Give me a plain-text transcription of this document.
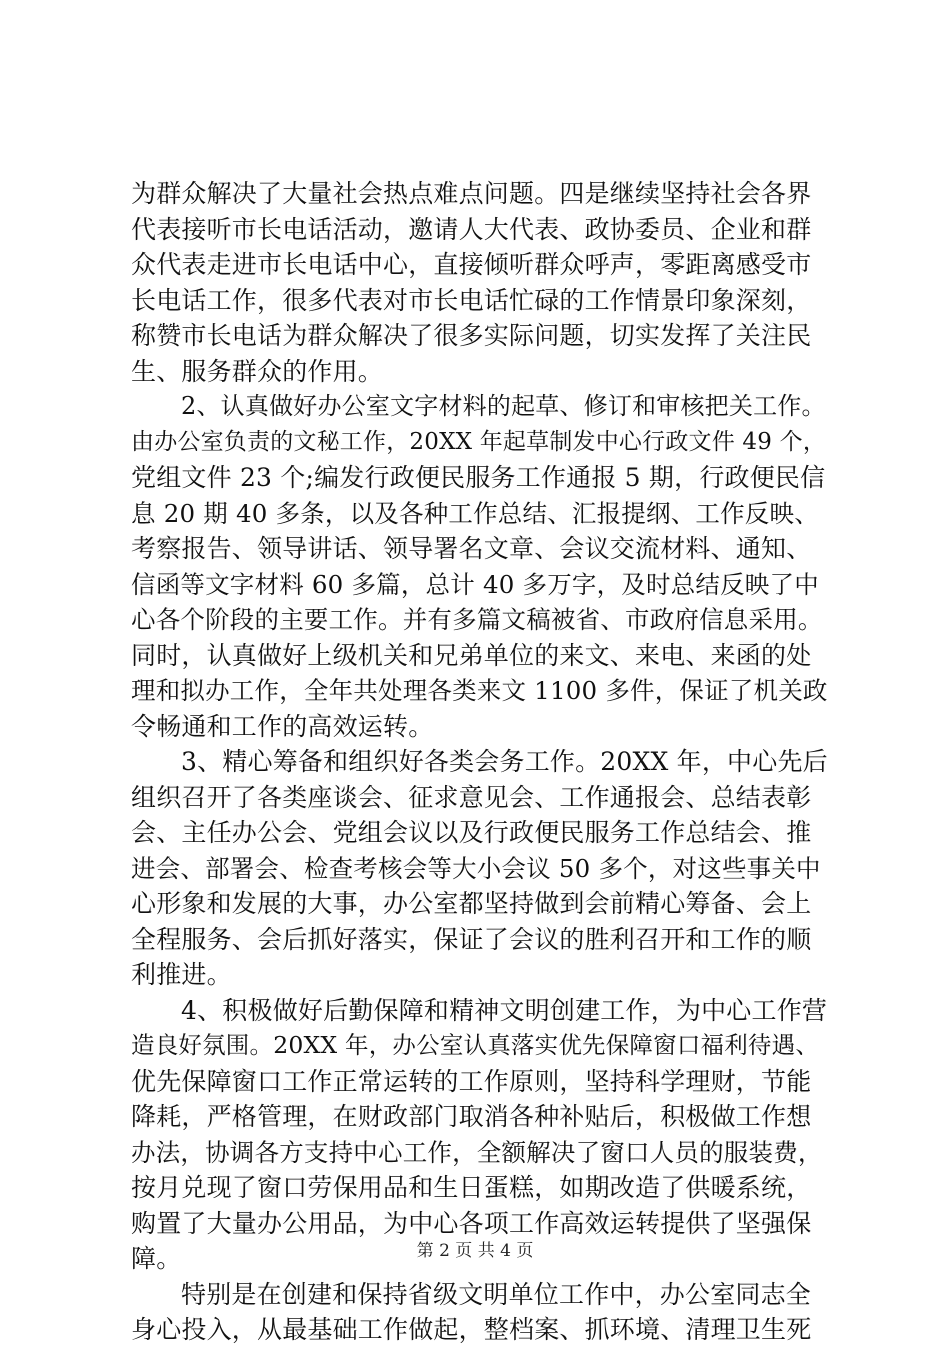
为群众解决了大量社会热点难点问题。四是继续坚持社会各界
代表接听市长电话活动，邀请人大代表、政协委员、企业和群
众代表走进市长电话中心，直接倾听群众呼声，零距离感受市
长电话工作，很多代表对市长电话忙碌的工作情景印象深刻，
称赞市长电话为群众解决了很多实际问题，切实发挥了关注民
生、服务群众的作用。
2、认真做好办公室文字材料的起草、修订和审核把关工作。
由办公室负责的文秘工作，20XX 年起草制发中心行政文件 49 个，
党组文件 23 个;编发行政便民服务工作通报 5 期，行政便民信
息 20 期 40 多条，以及各种工作总结、汇报提纲、工作反映、
考察报告、领导讲话、领导署名文章、会议交流材料、通知、
信函等文字材料 60 多篇，总计 40 多万字，及时总结反映了中
心各个阶段的主要工作。并有多篇文稿被省、市政府信息采用。
同时，认真做好上级机关和兄弟单位的来文、来电、来函的处
理和拟办工作，全年共处理各类来文 1100 多件，保证了机关政
令畅通和工作的高效运转。
3、精心筹备和组织好各类会务工作。20XX 年，中心先后
组织召开了各类座谈会、征求意见会、工作通报会、总结表彰
会、主任办公会、党组会议以及行政便民服务工作总结会、推
进会、部署会、检查考核会等大小会议 50 多个，对这些事关中
心形象和发展的大事，办公室都坚持做到会前精心筹备、会上
全程服务、会后抓好落实，保证了会议的胜利召开和工作的顺
利推进。
4、积极做好后勤保障和精神文明创建工作，为中心工作营
造良好氛围。20XX 年，办公室认真落实优先保障窗口福利待遇、
优先保障窗口工作正常运转的工作原则，坚持科学理财，节能
降耗，严格管理，在财政部门取消各种补贴后，积极做工作想
办法，协调各方支持中心工作，全额解决了窗口人员的服装费，
按月兑现了窗口劳保用品和生日蛋糕，如期改造了供暖系统，
购置了大量办公用品，为中心各项工作高效运转提供了坚强保
障。
特别是在创建和保持省级文明单位工作中，办公室同志全
身心投入，从最基础工作做起，整档案、抓环境、清理卫生死
第 2 页 共 4 页
